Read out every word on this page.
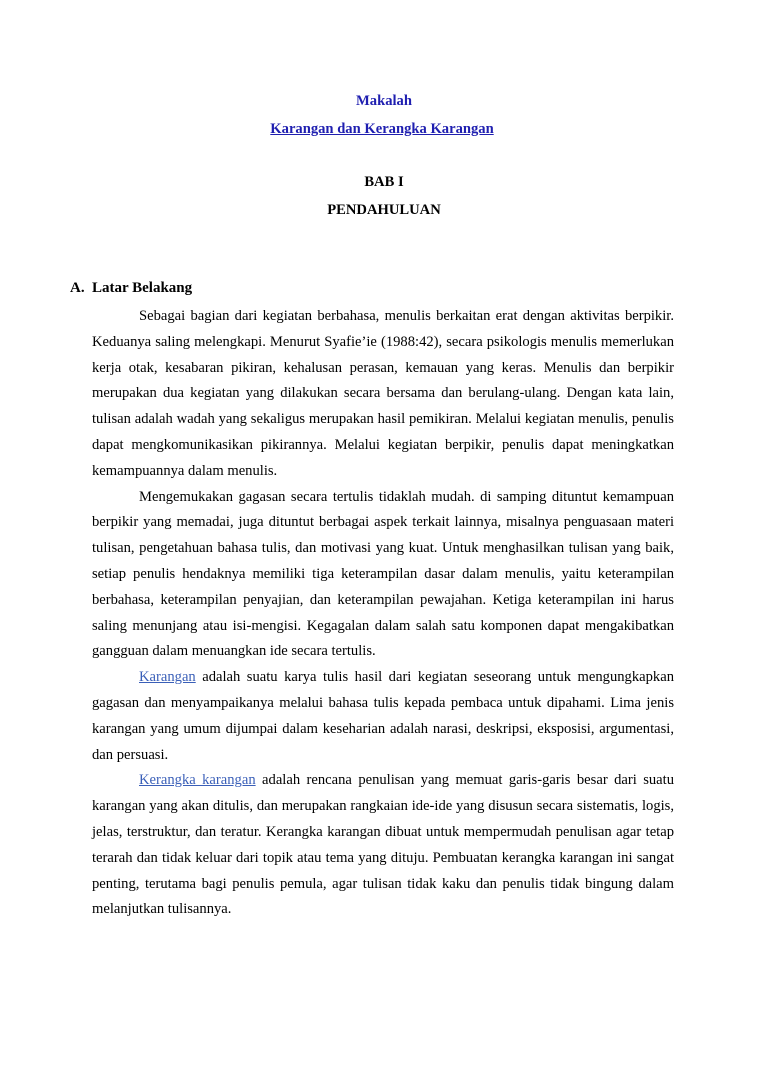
Makalah
Karangan dan Kerangka Karangan
BAB I
PENDAHULUAN
A. Latar Belakang

Sebagai bagian dari kegiatan berbahasa, menulis berkaitan erat dengan aktivitas berpikir. Keduanya saling melengkapi. Menurut Syafie’ie (1988:42), secara psikologis menulis memerlukan kerja otak, kesabaran pikiran, kehalusan perasan, kemauan yang keras. Menulis dan berpikir merupakan dua kegiatan yang dilakukan secara bersama dan berulang-ulang. Dengan kata lain, tulisan adalah wadah yang sekaligus merupakan hasil pemikiran. Melalui kegiatan menulis, penulis dapat mengkomunikasikan pikirannya. Melalui kegiatan berpikir, penulis dapat meningkatkan kemampuannya dalam menulis.

Mengemukakan gagasan secara tertulis tidaklah mudah. di samping dituntut kemampuan berpikir yang memadai, juga dituntut berbagai aspek terkait lainnya, misalnya penguasaan materi tulisan, pengetahuan bahasa tulis, dan motivasi yang kuat. Untuk menghasilkan tulisan yang baik, setiap penulis hendaknya memiliki tiga keterampilan dasar dalam menulis, yaitu keterampilan berbahasa, keterampilan penyajian, dan keterampilan pewajahan. Ketiga keterampilan ini harus saling menunjang atau isi-mengisi. Kegagalan dalam salah satu komponen dapat mengakibatkan gangguan dalam menuangkan ide secara tertulis.

Karangan adalah suatu karya tulis hasil dari kegiatan seseorang untuk mengungkapkan gagasan dan menyampaikanya melalui bahasa tulis kepada pembaca untuk dipahami. Lima jenis karangan yang umum dijumpai dalam keseharian adalah narasi, deskripsi, eksposisi, argumentasi, dan persuasi.

Kerangka karangan adalah rencana penulisan yang memuat garis-garis besar dari suatu karangan yang akan ditulis, dan merupakan rangkaian ide-ide yang disusun secara sistematis, logis, jelas, terstruktur, dan teratur. Kerangka karangan dibuat untuk mempermudah penulisan agar tetap terarah dan tidak keluar dari topik atau tema yang dituju. Pembuatan kerangka karangan ini sangat penting, terutama bagi penulis pemula, agar tulisan tidak kaku dan penulis tidak bingung dalam melanjutkan tulisannya.
